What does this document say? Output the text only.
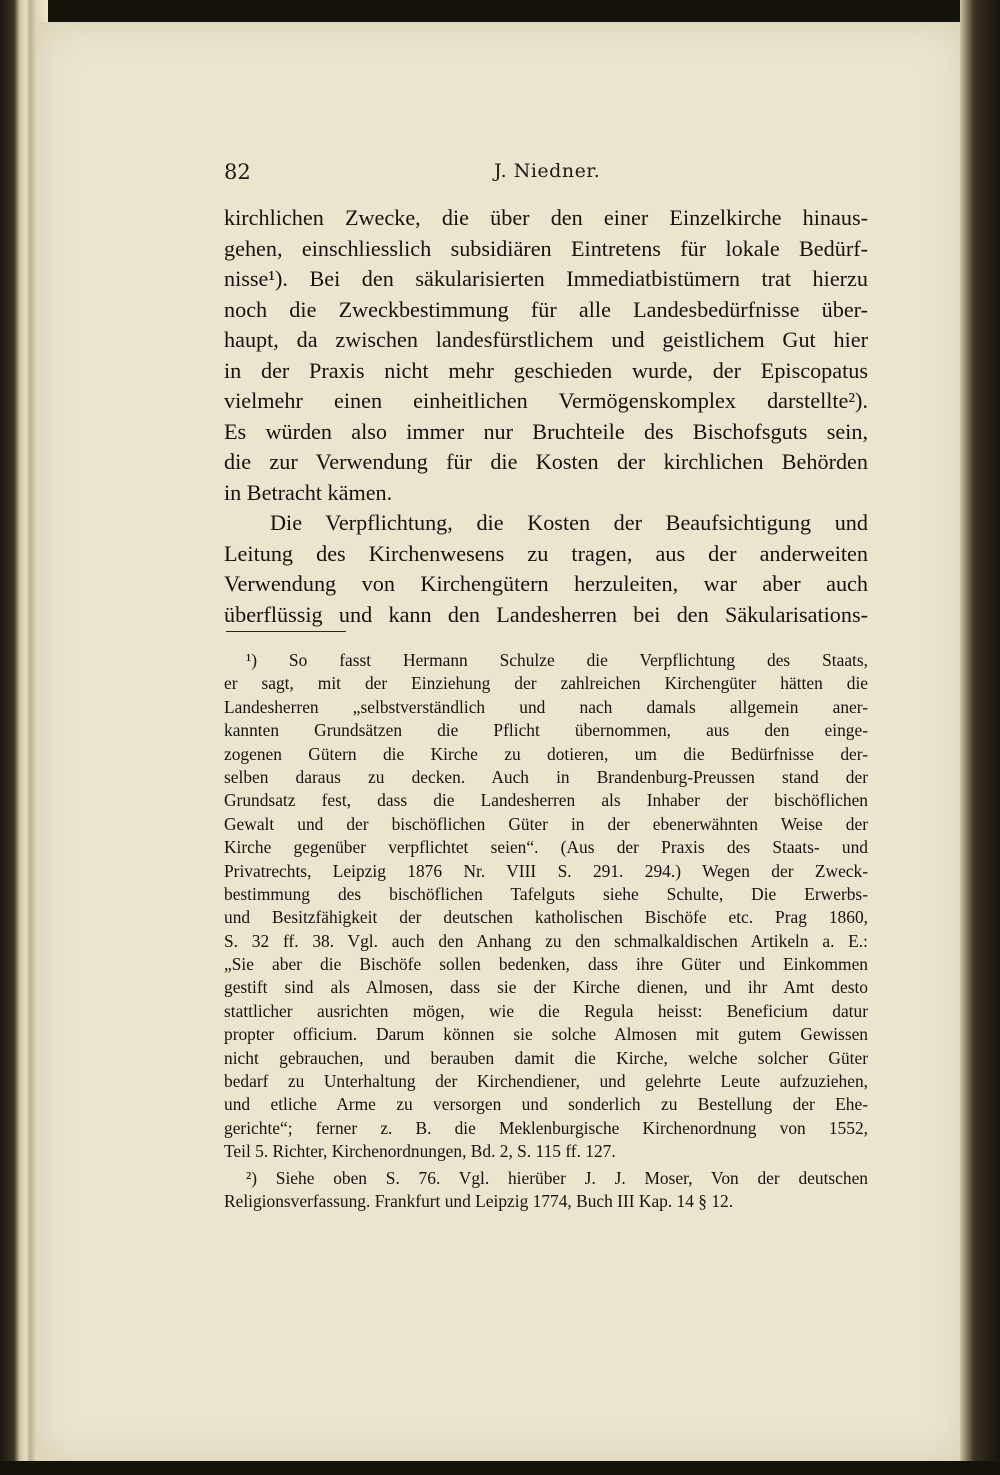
82	J. Niedner.
kirchlichen Zwecke, die über den einer Einzelkirche hinaus-
gehen, einschliesslich subsidiären Eintretens für lokale Bedürf-
nisse¹). Bei den säkularisierten Immediatbistümern trat hierzu
noch die Zweckbestimmung für alle Landesbedürfnisse über-
haupt, da zwischen landesfürstlichem und geistlichem Gut hier
in der Praxis nicht mehr geschieden wurde, der Episcopatus
vielmehr einen einheitlichen Vermögenskomplex darstellte²).
Es würden also immer nur Bruchteile des Bischofsguts sein,
die zur Verwendung für die Kosten der kirchlichen Behörden
in Betracht kämen.
Die Verpflichtung, die Kosten der Beaufsichtigung und
Leitung des Kirchenwesens zu tragen, aus der anderweiten
Verwendung von Kirchengütern herzuleiten, war aber auch
überflüssig und kann den Landesherren bei den Säkularisations-
¹) So fasst Hermann Schulze die Verpflichtung des Staats,
er sagt, mit der Einziehung der zahlreichen Kirchengüter hätten die
Landesherren „selbstverständlich und nach damals allgemein aner-
kannten Grundsätzen die Pflicht übernommen, aus den einge-
zogenen Gütern die Kirche zu dotieren, um die Bedürfnisse der-
selben daraus zu decken. Auch in Brandenburg-Preussen stand der
Grundsatz fest, dass die Landesherren als Inhaber der bischöflichen
Gewalt und der bischöflichen Güter in der ebenerwähnten Weise der
Kirche gegenüber verpflichtet seien“. (Aus der Praxis des Staats- und
Privatrechts, Leipzig 1876 Nr. VIII S. 291. 294.) Wegen der Zweck-
bestimmung des bischöflichen Tafelguts siehe Schulte, Die Erwerbs-
und Besitzfähigkeit der deutschen katholischen Bischöfe etc. Prag 1860,
S. 32 ff. 38. Vgl. auch den Anhang zu den schmalkaldischen Artikeln a. E.:
„Sie aber die Bischöfe sollen bedenken, dass ihre Güter und Einkommen
gestift sind als Almosen, dass sie der Kirche dienen, und ihr Amt desto
stattlicher ausrichten mögen, wie die Regula heisst: Beneficium datur
propter officium. Darum können sie solche Almosen mit gutem Gewissen
nicht gebrauchen, und berauben damit die Kirche, welche solcher Güter
bedarf zu Unterhaltung der Kirchendiener, und gelehrte Leute aufzuziehen,
und etliche Arme zu versorgen und sonderlich zu Bestellung der Ehe-
gerichte“; ferner z. B. die Meklenburgische Kirchenordnung von 1552,
Teil 5. Richter, Kirchenordnungen, Bd. 2, S. 115 ff. 127.
²) Siehe oben S. 76. Vgl. hierüber J. J. Moser, Von der deutschen
Religionsverfassung. Frankfurt und Leipzig 1774, Buch III Kap. 14 § 12.
